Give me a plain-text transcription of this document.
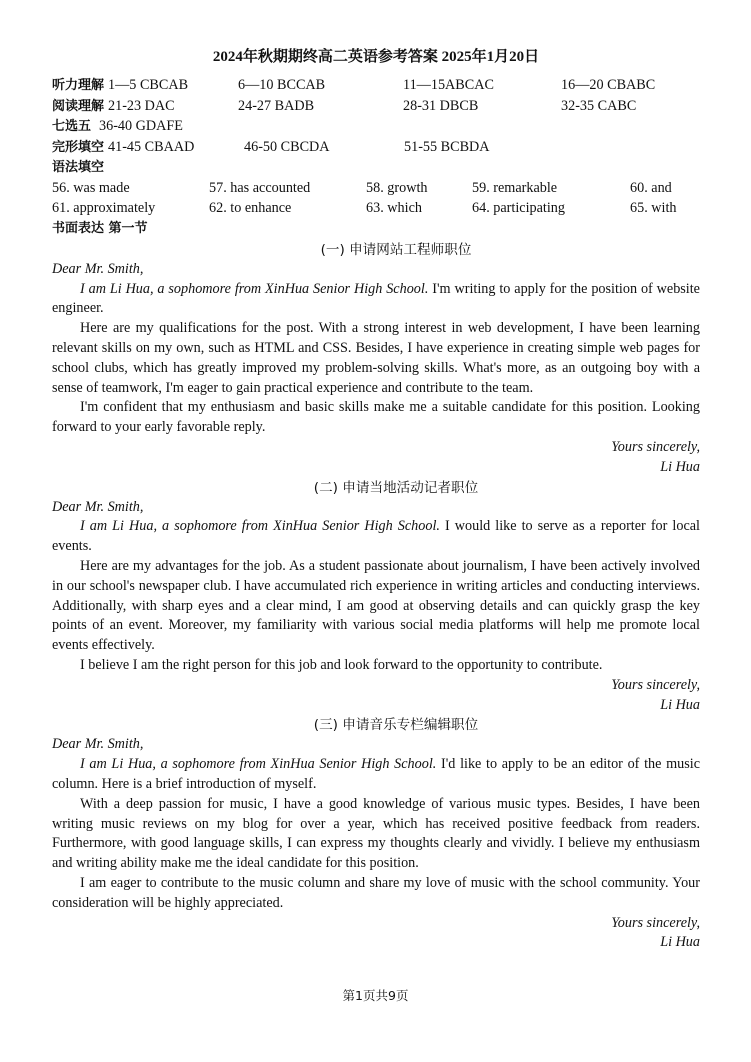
2024年秋期期终高二英语参考答案 2025年1月20日
听力理解 1—5 CBCAB	6—10 BCCAB	11—15ABCAC	16—20 CBABC
阅读理解 21-23 DAC	24-27 BADB	28-31 DBCB	32-35 CABC
七选五 36-40 GDAFE
完形填空 41-45 CBAAD	46-50 CBCDA	51-55 BCBDA
语法填空
56. was made	57. has accounted	58. growth	59. remarkable	60. and
61. approximately	62. to enhance	63. which	64. participating	65. with
书面表达 第一节
(一) 申请网站工程师职位
Dear Mr. Smith,

I am Li Hua, a sophomore from XinHua Senior High School. I'm writing to apply for the position of website engineer.

Here are my qualifications for the post. With a strong interest in web development, I have been learning relevant skills on my own, such as HTML and CSS. Besides, I have experience in creating simple web pages for school clubs, which has greatly improved my problem-solving skills. What's more, as an outgoing boy with a sense of teamwork, I'm eager to gain practical experience and contribute to the team.

I'm confident that my enthusiasm and basic skills make me a suitable candidate for this position. Looking forward to your early favorable reply.

Yours sincerely,
Li Hua
(二) 申请当地活动记者职位
Dear Mr. Smith,

I am Li Hua, a sophomore from XinHua Senior High School. I would like to serve as a reporter for local events.

Here are my advantages for the job. As a student passionate about journalism, I have been actively involved in our school's newspaper club. I have accumulated rich experience in writing articles and conducting interviews. Additionally, with sharp eyes and a clear mind, I am good at observing details and can quickly grasp the key points of an event. Moreover, my familiarity with various social media platforms will help me promote local events effectively.

I believe I am the right person for this job and look forward to the opportunity to contribute.

Yours sincerely,
Li Hua
(三) 申请音乐专栏编辑职位
Dear Mr. Smith,

I am Li Hua, a sophomore from XinHua Senior High School. I'd like to apply to be an editor of the music column. Here is a brief introduction of myself.

With a deep passion for music, I have a good knowledge of various music types. Besides, I have been writing music reviews on my blog for over a year, which has received positive feedback from readers. Furthermore, with good language skills, I can express my thoughts clearly and vividly. I believe my enthusiasm and writing ability make me the ideal candidate for this position.

I am eager to contribute to the music column and share my love of music with the school community. Your consideration will be highly appreciated.

Yours sincerely,
Li Hua
第1页共9页
